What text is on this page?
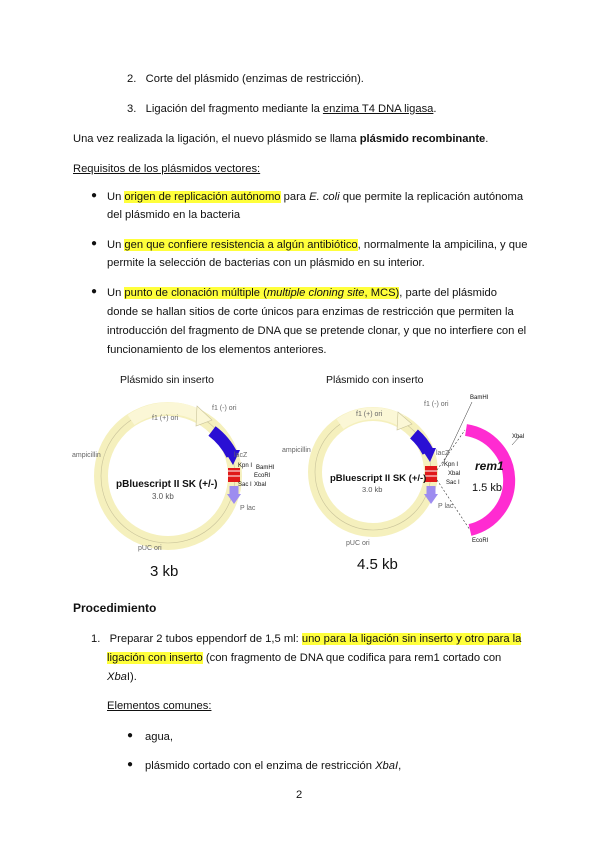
2. Corte del plásmido (enzimas de restricción).
3. Ligación del fragmento mediante la enzima T4 DNA ligasa.
Una vez realizada la ligación, el nuevo plásmido se llama plásmido recombinante.
Requisitos de los plásmidos vectores:
● Un origen de replicación autónomo para E. coli que permite la replicación autónoma
del plásmido en la bacteria
● Un gen que confiere resistencia a algún antibiótico, normalmente la ampicilina, y que
permite la selección de bacterias con un plásmido en su interior.
● Un punto de clonación múltiple (multiple cloning site, MCS), parte del plásmido
donde se hallan sitios de corte únicos para enzimas de restricción que permiten la
introducción del fragmento de DNA que se pretende clonar, y que no interfiere con el
funcionamiento de los elementos anteriores.
Plásmido sin inserto	Plásmido con inserto
pBluescript II SK (+/-)
3.0 kb
f1 (-) ori
f1 (+) ori
ampicillin
pUC ori
lacZ
Kpn I BamHI
EcoRI
Sac I XbaI
P lac
3 kb
pBluescript II SK (+/-)
3.0 kb
f1 (-) ori
f1 (+) ori
ampicillin
pUC ori
lacZ
Kpn I
XbaI
Sac I
P lac
BamHI
XbaI
EcoRI
rem1
1.5 kb
4.5 kb
Procedimiento
1. Preparar 2 tubos eppendorf de 1,5 ml: uno para la ligación sin inserto y otro para la
ligación con inserto (con fragmento de DNA que codifica para rem1 cortado con
XbaI).
Elementos comunes:
● agua,
● plásmido cortado con el enzima de restricción XbaI,
2
